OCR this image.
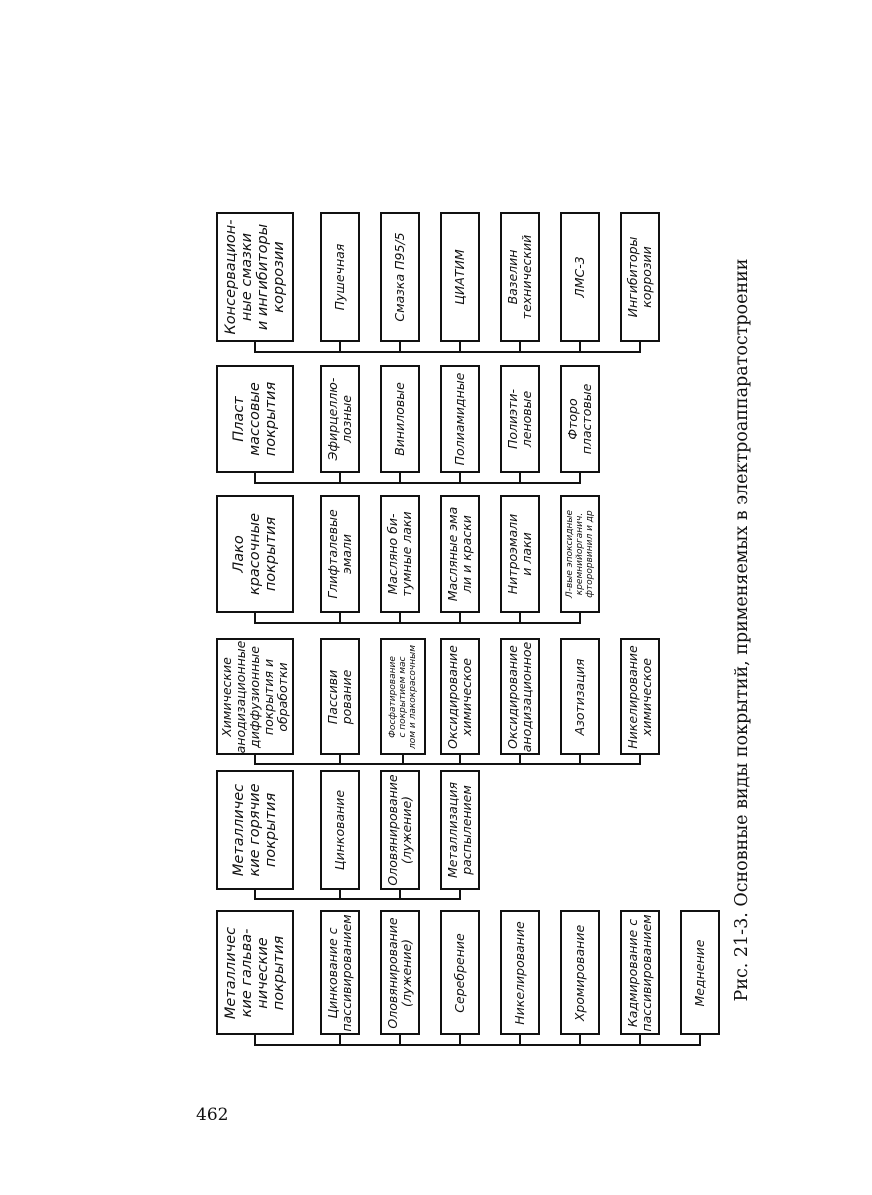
Металличес
кие гальва-
нические
покрытия
Металличес
кие горячие
покрытия
Химические
анодизационные
диффузионные
покрытия и
обработки
Лако
красочные
покрытия
Пласт
массовые
покрытия
Консервацион-
ные смазки
и ингибиторы
коррозии
Цинкование с
пассивированием Оловянирование
(лужение)	Серебрение	Никелирование	Хромирование	Кадмирование с
пассивированием	Меднение
Цинкование	Оловянирование
(лужение) Металлизация
распылением
Пассиви
рование	Фосфатирование
с покрытием мас
лом и лакокрасочным Оксидирование
химическое Оксидирование
анодизационное	Азотизация	Никелирование
химическое
Глифталевые
эмали Масляно би-
тумные лаки
Масляные эма
ли и краски Нитроэмали
и лаки
Л-вые эпоксидные
кремнийорганич.
фторорвинил и др
Эфирцеллю-
лозные	Виниловые	Полиамидные	Полиэти-
леновые Фторо
пластовые
Пушечная	Смазка П95/5	ЦИАТИМ	Вазелин
технический	ЛМС-3	Ингибиторы
коррозии	Рис. 21-3. Основные виды покрытий, применяемых в электроаппаратостроении
462
